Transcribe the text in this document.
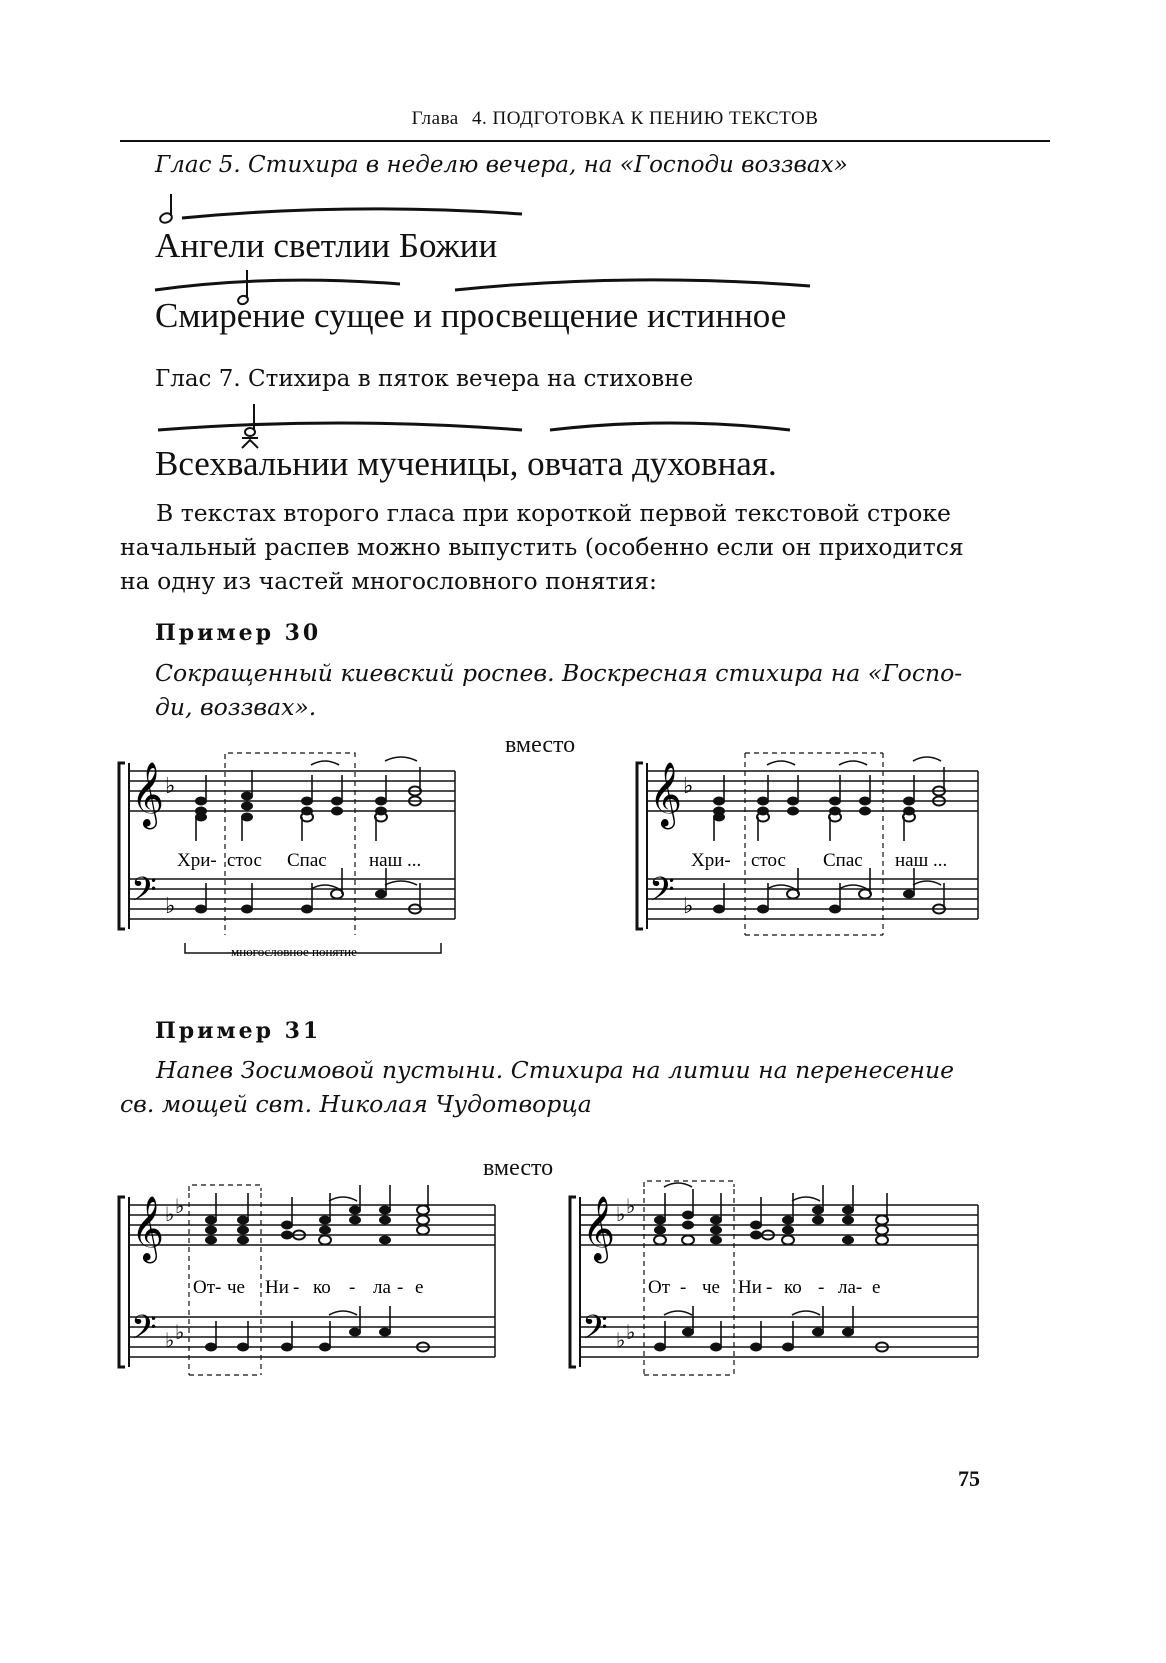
Глава 4. ПОДГОТОВКА К ПЕНИЮ ТЕКСТОВ
Глас 5. Стихира в неделю вечера, на «Господи воззвах»
Ангели светлии Божии
Смирение сущее и просвещение истинное
Глас 7. Стихира в пяток вечера на стиховне
Всехвальнии мученицы, овчата духовная.
В текстах второго гласа при короткой первой текстовой строке
начальный распев можно выпустить (особенно если он приходится
на одну из частей многословного понятия:
Пример 30
Сокращенный киевский роспев. Воскресная стихира на «Госпо-
ди, воззвах».
вместо
𝄞 ♭
𝄢 ♭
Хри- стос Спас наш ...
многословное понятие
𝄞 ♭
𝄢 ♭
Хри- стос Спас наш ...
Пример 31
Напев Зосимовой пустыни. Стихира на литии на перенесение
св. мощей свт. Николая Чудотворца
вместо
𝄞 ♭ ♭
𝄢 ♭ ♭
От- че Ни - ко - ла - е
𝄞 ♭ ♭
𝄢 ♭ ♭
От - че Ни - ко - ла- е
75
